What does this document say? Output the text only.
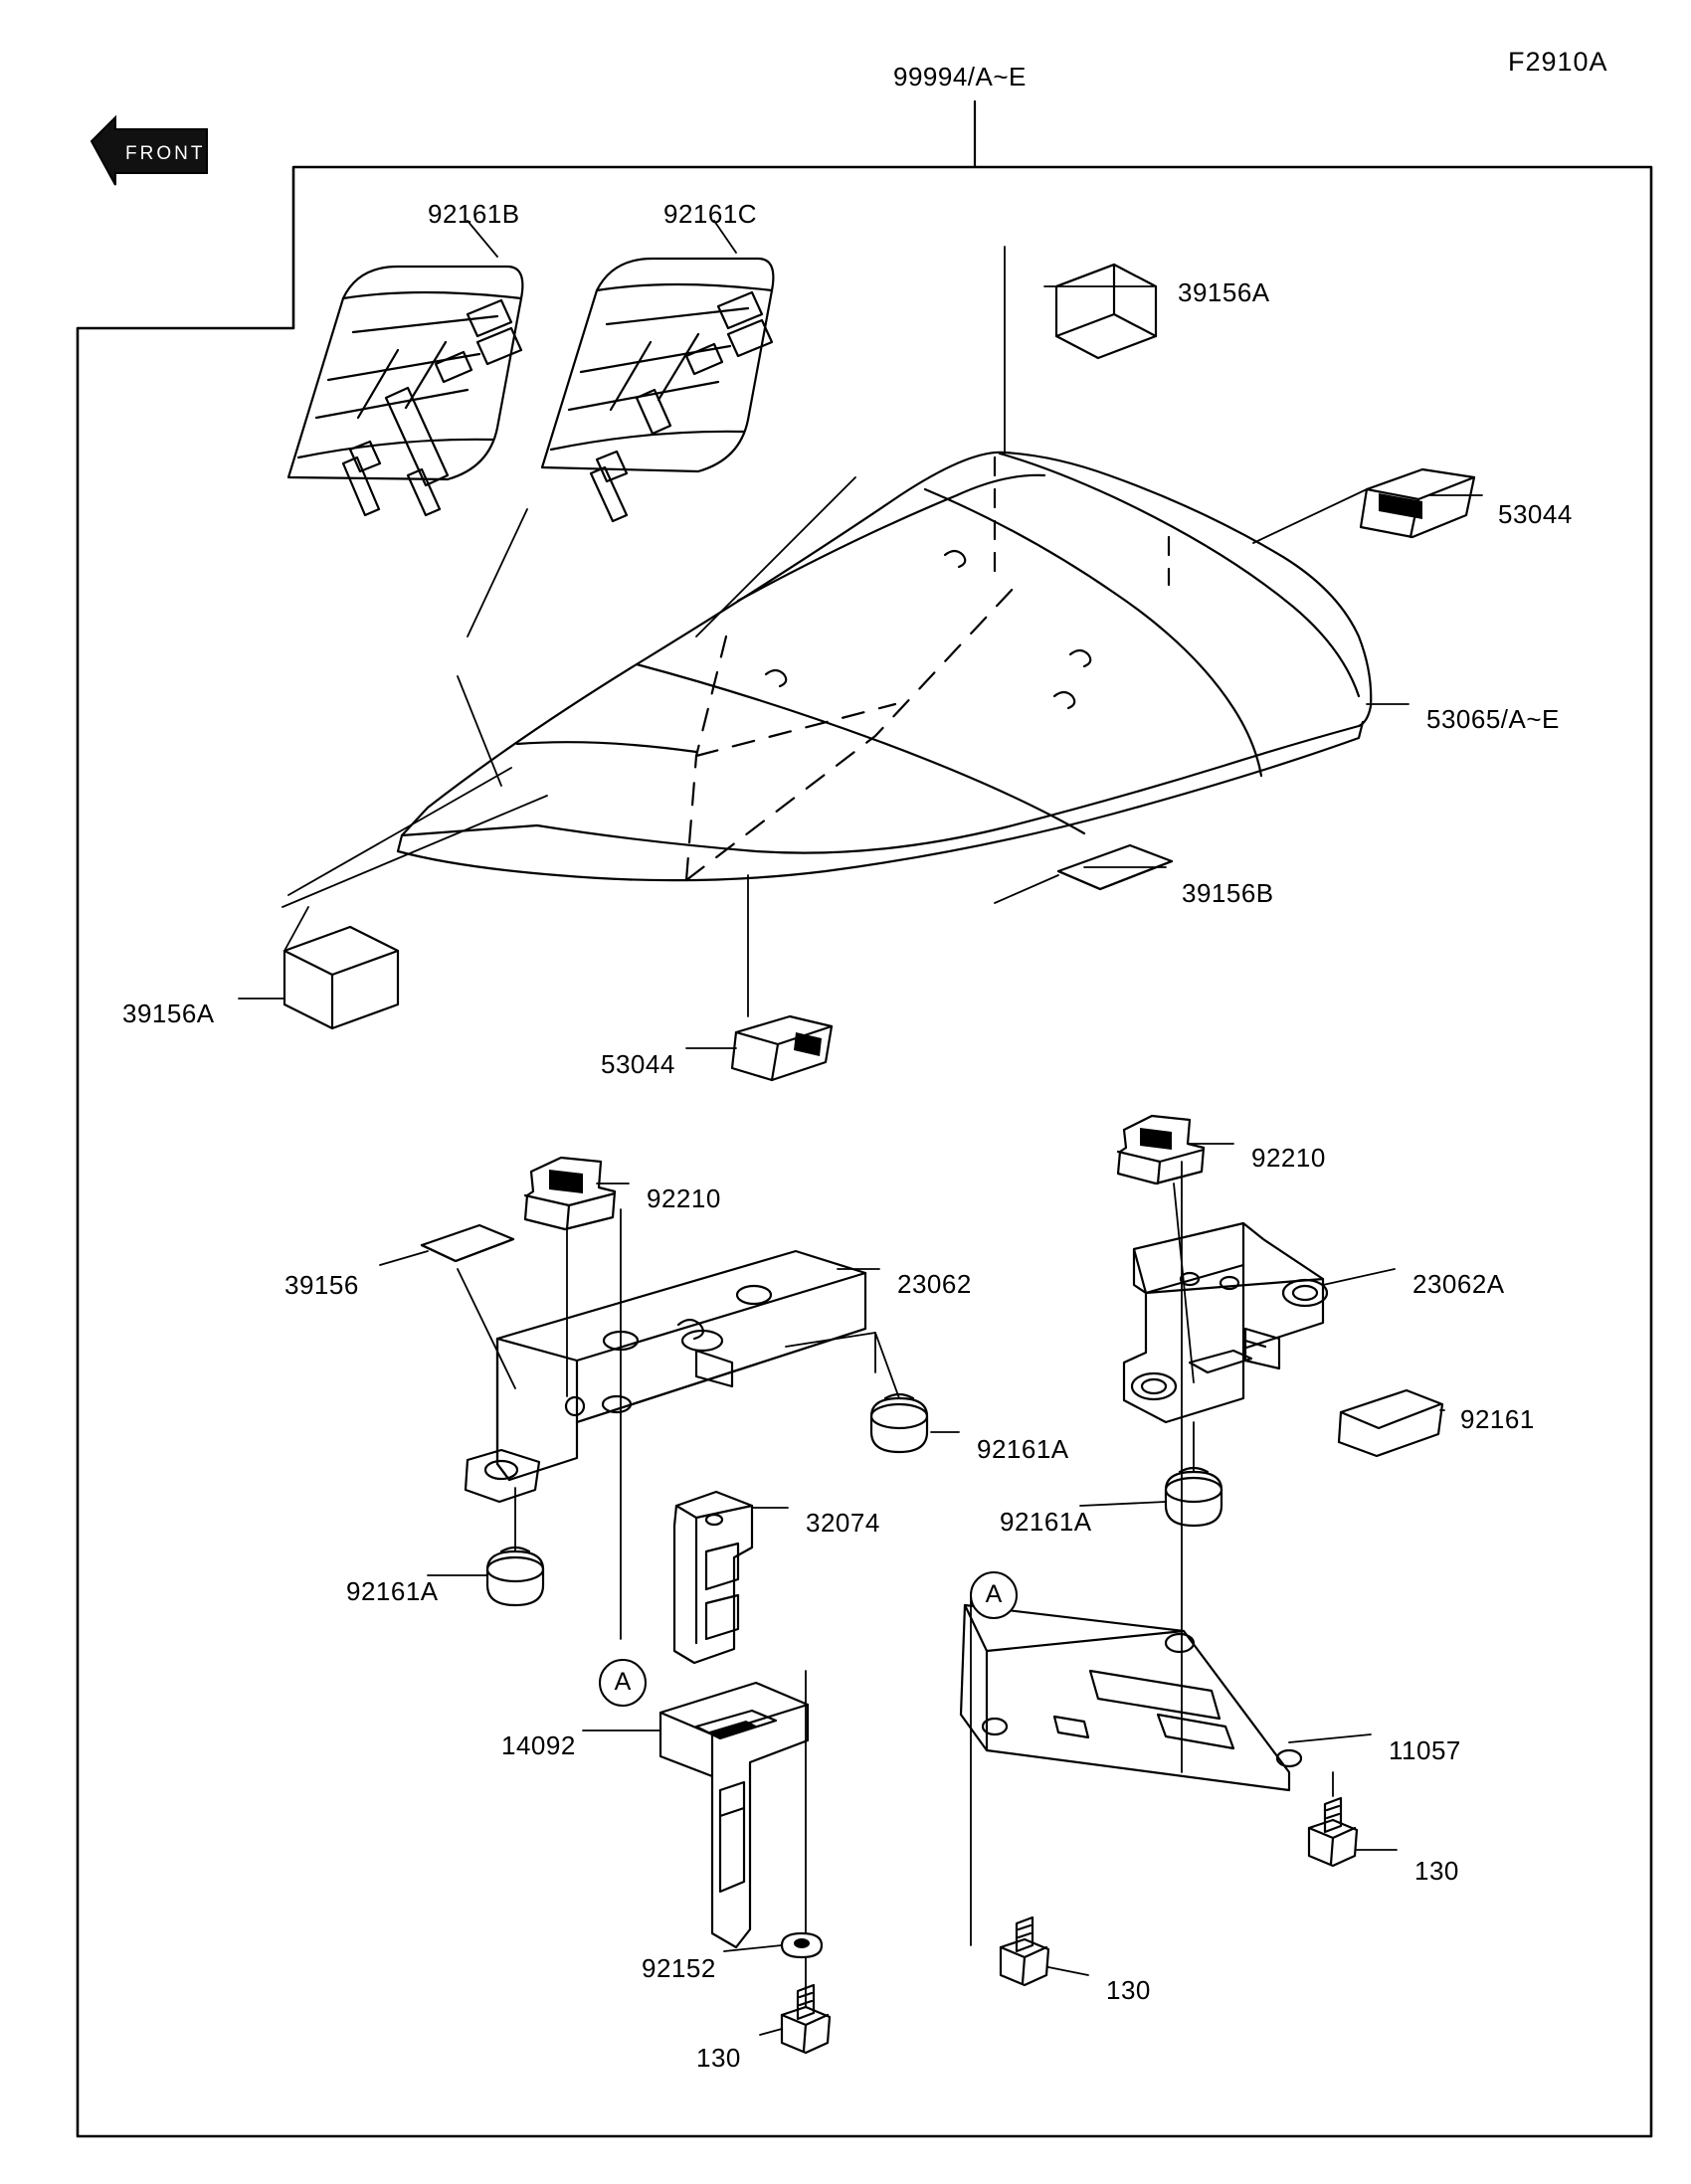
FRONT
F2910A
99994/A~E
92161B	92161C
39156A
53044
53065/A~E
39156B
39156A
53044
92210
92210
39156	23062	23062A
92161
92161A
92161A
32074
92161A
11057
14092
130
92152
130
130
A
A
